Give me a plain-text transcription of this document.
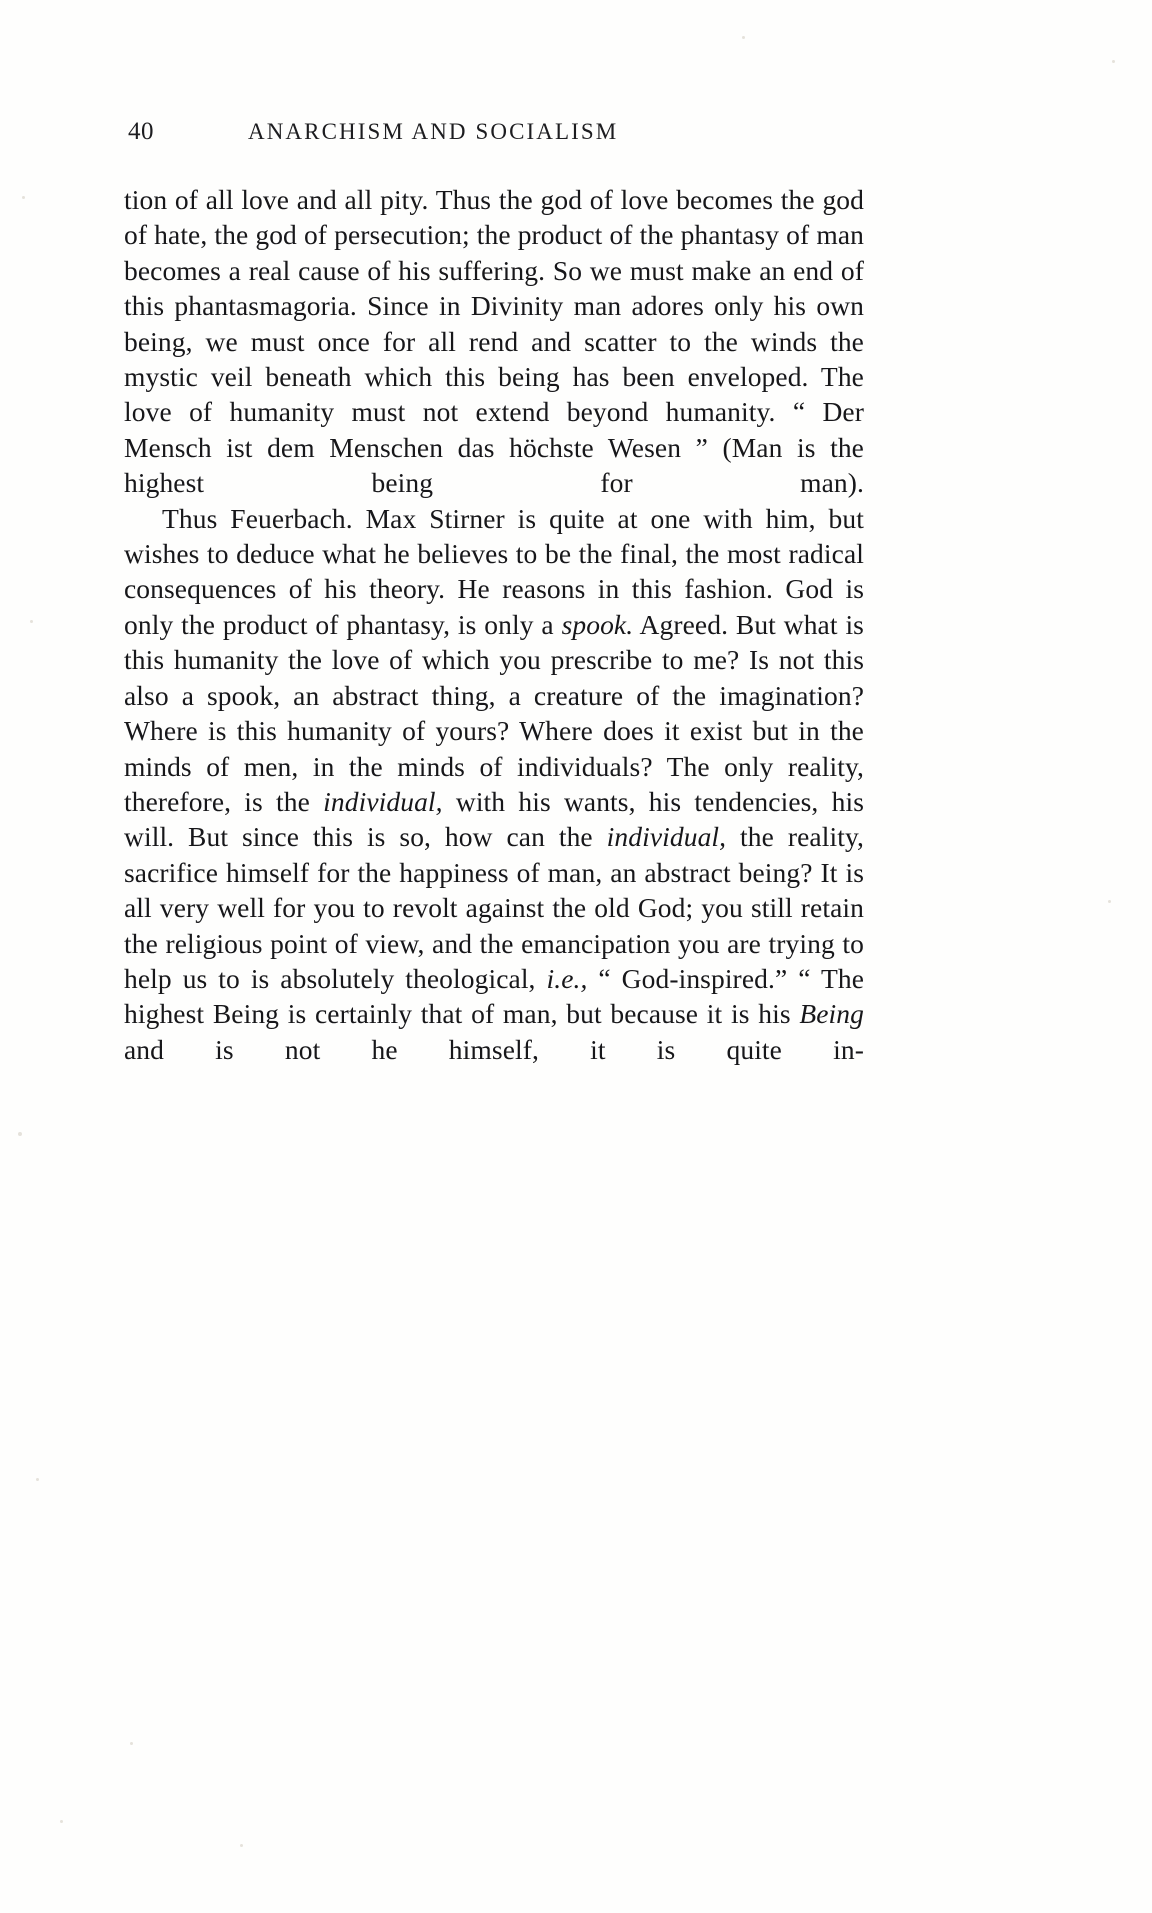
40	ANARCHISM AND SOCIALISM

tion of all love and all pity. Thus the god of love becomes the god of hate, the god of persecution; the product of the phantasy of man becomes a real cause of his suffering. So we must make an end of this phantasmagoria. Since in Divinity man adores only his own being, we must once for all rend and scatter to the winds the mystic veil beneath which this being has been enveloped. The love of humanity must not extend beyond humanity. “ Der Mensch ist dem Menschen das höchste Wesen ” (Man is the highest being for man).

Thus Feuerbach. Max Stirner is quite at one with him, but wishes to deduce what he believes to be the final, the most radical consequences of his theory. He reasons in this fashion. God is only the product of phantasy, is only a spook. Agreed. But what is this humanity the love of which you prescribe to me? Is not this also a spook, an abstract thing, a creature of the imagination? Where is this humanity of yours? Where does it exist but in the minds of men, in the minds of individuals? The only reality, therefore, is the individual, with his wants, his tendencies, his will. But since this is so, how can the individual, the reality, sacrifice himself for the happiness of man, an abstract being? It is all very well for you to revolt against the old God; you still retain the religious point of view, and the emancipation you are trying to help us to is absolutely theological, i.e., “ God-inspired.” “ The highest Being is certainly that of man, but because it is his Being and is not he himself, it is quite in-
